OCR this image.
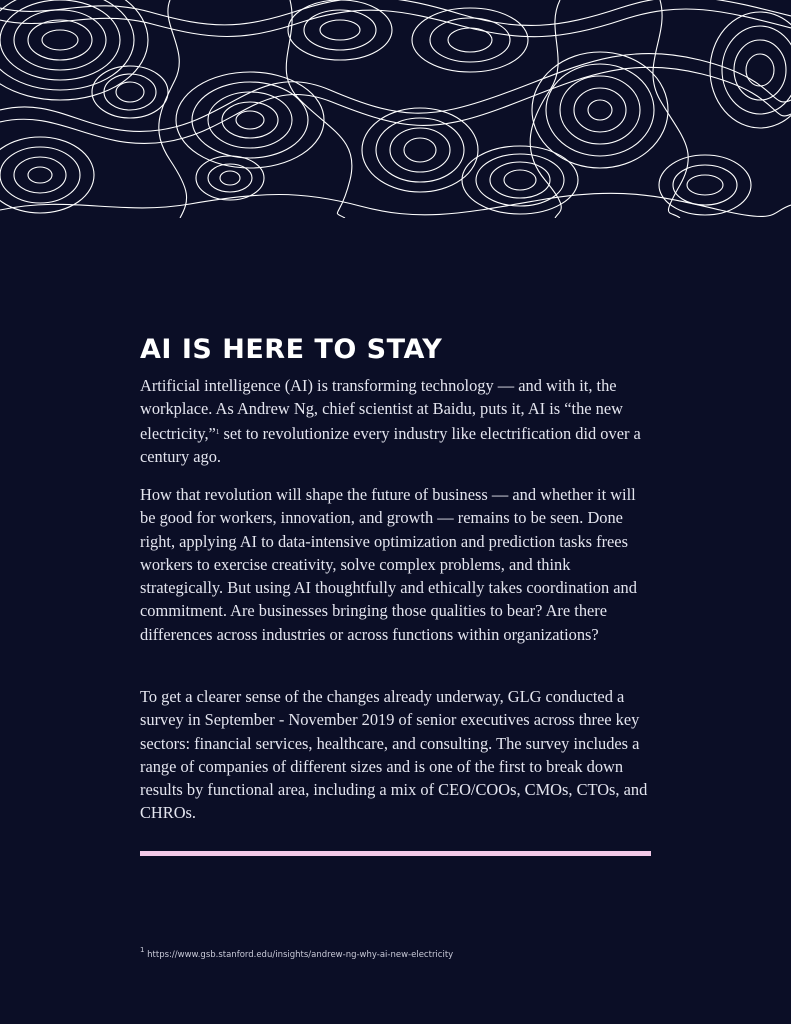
AI IS HERE TO STAY

Artificial intelligence (AI) is transforming technology — and with it, the workplace. As Andrew Ng, chief scientist at Baidu, puts it, AI is “the new electricity,”$^1$ set to revolutionize every industry like electrification did over a century ago.

How that revolution will shape the future of business — and whether it will be good for workers, innovation, and growth — remains to be seen. Done right, applying AI to data-intensive optimization and prediction tasks frees workers to exercise creativity, solve complex problems, and think strategically. But using AI thoughtfully and ethically takes coordination and commitment. Are businesses bringing those qualities to bear? Are there differences across industries or across functions within organizations?

To get a clearer sense of the changes already underway, GLG conducted a survey in September - November 2019 of senior executives across three key sectors: financial services, healthcare, and consulting. The survey includes a range of companies of different sizes and is one of the first to break down results by functional area, including a mix of CEO/COOs, CMOs, CTOs, and CHROs.

$^1$ https://www.gsb.stanford.edu/insights/andrew-ng-why-ai-new-electricity
